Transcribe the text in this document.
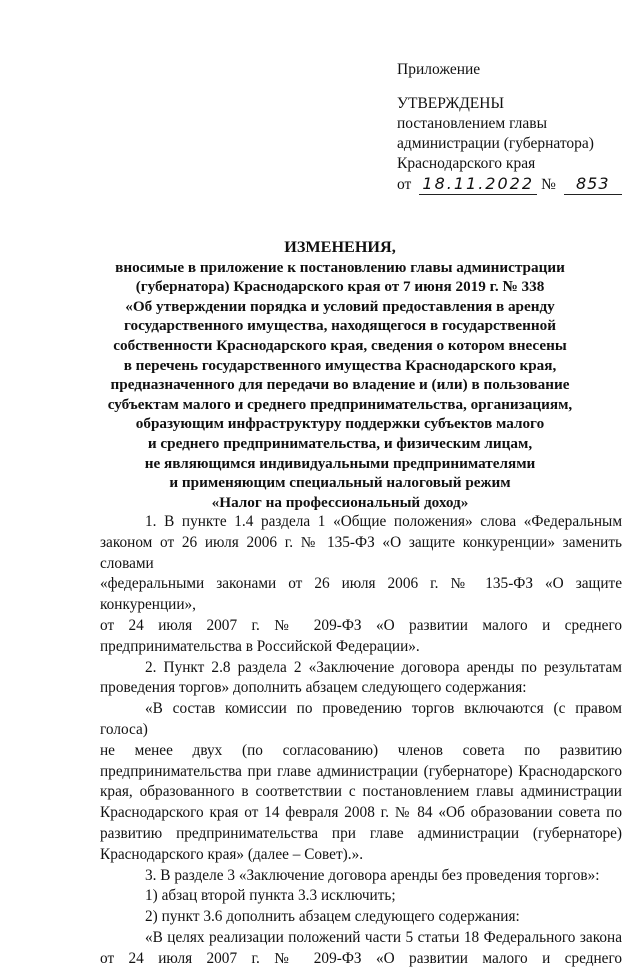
Приложение
УТВЕРЖДЕНЫ
постановлением главы
администрации (губернатора)
Краснодарского края
от 18.11.2022 № 853
ИЗМЕНЕНИЯ,
вносимые в приложение к постановлению главы администрации
(губернатора) Краснодарского края от 7 июня 2019 г. № 338
«Об утверждении порядка и условий предоставления в аренду
государственного имущества, находящегося в государственной
собственности Краснодарского края, сведения о котором внесены
в перечень государственного имущества Краснодарского края,
предназначенного для передачи во владение и (или) в пользование
субъектам малого и среднего предпринимательства, организациям,
образующим инфраструктуру поддержки субъектов малого
и среднего предпринимательства, и физическим лицам,
не являющимся индивидуальными предпринимателями
и применяющим специальный налоговый режим
«Налог на профессиональный доход»

1. В пункте 1.4 раздела 1 «Общие положения» слова «Федеральным

законом от 26 июля 2006 г. № 135-ФЗ «О защите конкуренции» заменить словами

«федеральными законами от 26 июля 2006 г. № 135-ФЗ «О защите конкуренции»,

от 24 июля 2007 г. № 209-ФЗ «О развитии малого и среднего

предпринимательства в Российской Федерации».

2. Пункт 2.8 раздела 2 «Заключение договора аренды по результатам

проведения торгов» дополнить абзацем следующего содержания:

«В состав комиссии по проведению торгов включаются (с правом голоса)

не менее двух (по согласованию) членов совета по развитию

предпринимательства при главе администрации (губернаторе) Краснодарского

края, образованного в соответствии с постановлением главы администрации

Краснодарского края от 14 февраля 2008 г. № 84 «Об образовании совета по

развитию предпринимательства при главе администрации (губернаторе)

Краснодарского края» (далее – Совет).».

3. В разделе 3 «Заключение договора аренды без проведения торгов»:

1) абзац второй пункта 3.3 исключить;

2) пункт 3.6 дополнить абзацем следующего содержания:

«В целях реализации положений части 5 статьи 18 Федерального закона

от 24 июля 2007 г. № 209-ФЗ «О развитии малого и среднего
